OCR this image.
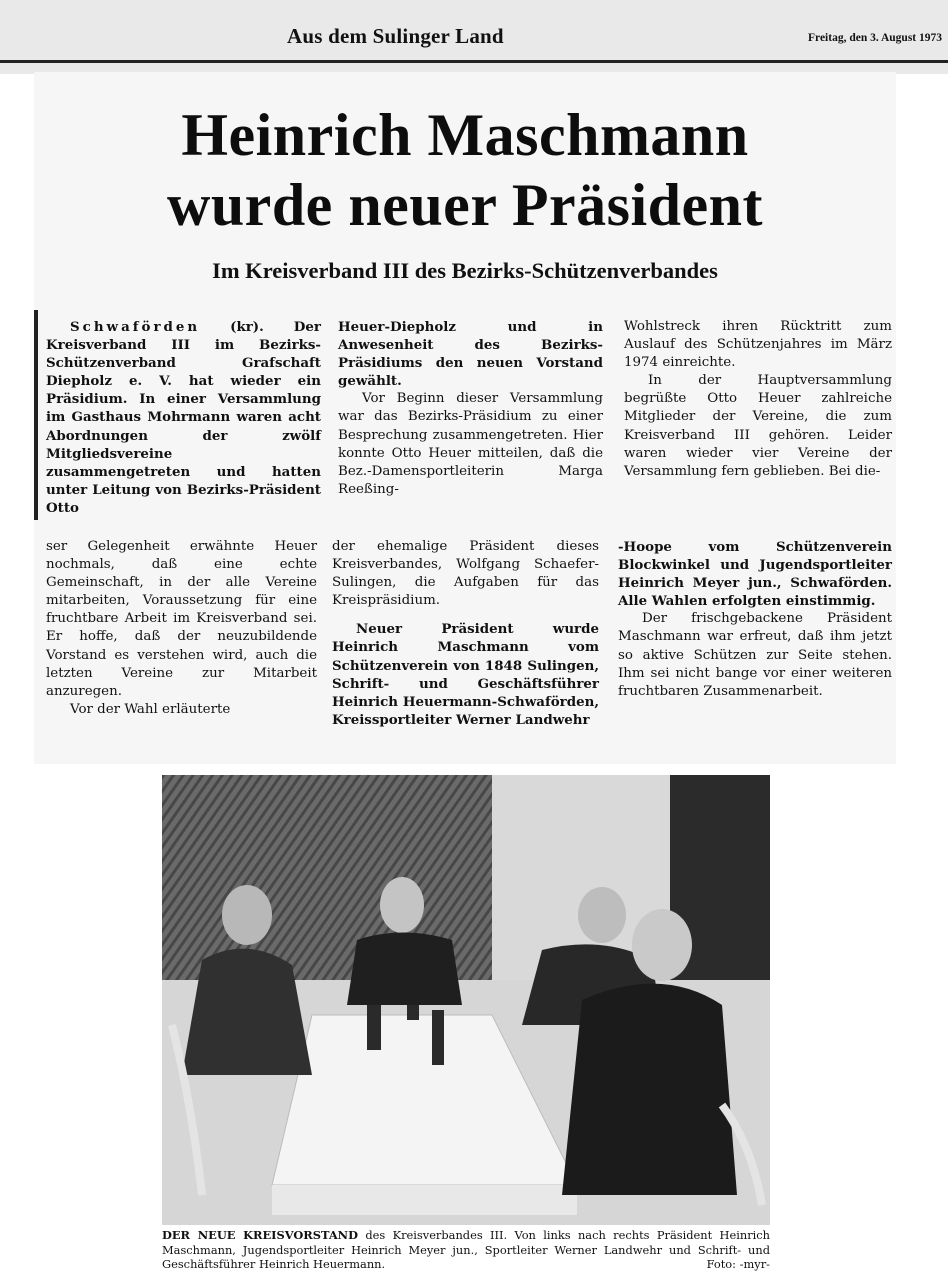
Aus dem Sulinger Land	Freitag, den 3. August 1973
Heinrich Maschmann
wurde neuer Präsident
Im Kreisverband III des Bezirks-Schützenverbandes

Schwaförden (kr). Der Kreisverband III im Bezirks-Schützenverband Grafschaft Diepholz e. V. hat wieder ein Präsidium. In einer Versammlung im Gasthaus Mohrmann waren acht Abordnungen der zwölf Mitgliedsvereine zusammengetreten und hatten unter Leitung von Bezirks-Präsident Otto

Heuer-Diepholz und in Anwesenheit des Bezirks-Präsidiums den neuen Vorstand gewählt.

Vor Beginn dieser Versammlung war das Bezirks-Präsidium zu einer Besprechung zusammengetreten. Hier konnte Otto Heuer mitteilen, daß die Bez.-Damensportleiterin Marga Reeßing-

Wohlstreck ihren Rücktritt zum Auslauf des Schützenjahres im März 1974 einreichte.

In der Hauptversammlung begrüßte Otto Heuer zahlreiche Mitglieder der Vereine, die zum Kreisverband III gehören. Leider waren wieder vier Vereine der Versammlung fern geblieben. Bei die-

ser Gelegenheit erwähnte Heuer nochmals, daß eine echte Gemeinschaft, in der alle Vereine mitarbeiten, Voraussetzung für eine fruchtbare Arbeit im Kreisverband sei. Er hoffe, daß der neuzubildende Vorstand es verstehen wird, auch die letzten Vereine zur Mitarbeit anzuregen.

Vor der Wahl erläuterte

der ehemalige Präsident dieses Kreisverbandes, Wolfgang Schaefer-Sulingen, die Aufgaben für das Kreispräsidium.

Neuer Präsident wurde Heinrich Maschmann vom Schützenverein von 1848 Sulingen, Schrift- und Geschäftsführer Heinrich Heuermann-Schwaförden, Kreissportleiter Werner Landwehr

-Hoope vom Schützenverein Blockwinkel und Jugendsportleiter Heinrich Meyer jun., Schwaförden. Alle Wahlen erfolgten einstimmig.

Der frischgebackene Präsident Maschmann war erfreut, daß ihm jetzt so aktive Schützen zur Seite stehen. Ihm sei nicht bange vor einer weiteren fruchtbaren Zusammenarbeit.

DER NEUE KREISVORSTAND des Kreisverbandes III. Von links nach rechts Präsident Heinrich Maschmann, Jugendsportleiter Heinrich Meyer jun., Sportleiter Werner Landwehr und Schrift- und Geschäftsführer Heinrich Heuermann.	Foto: -myr-
